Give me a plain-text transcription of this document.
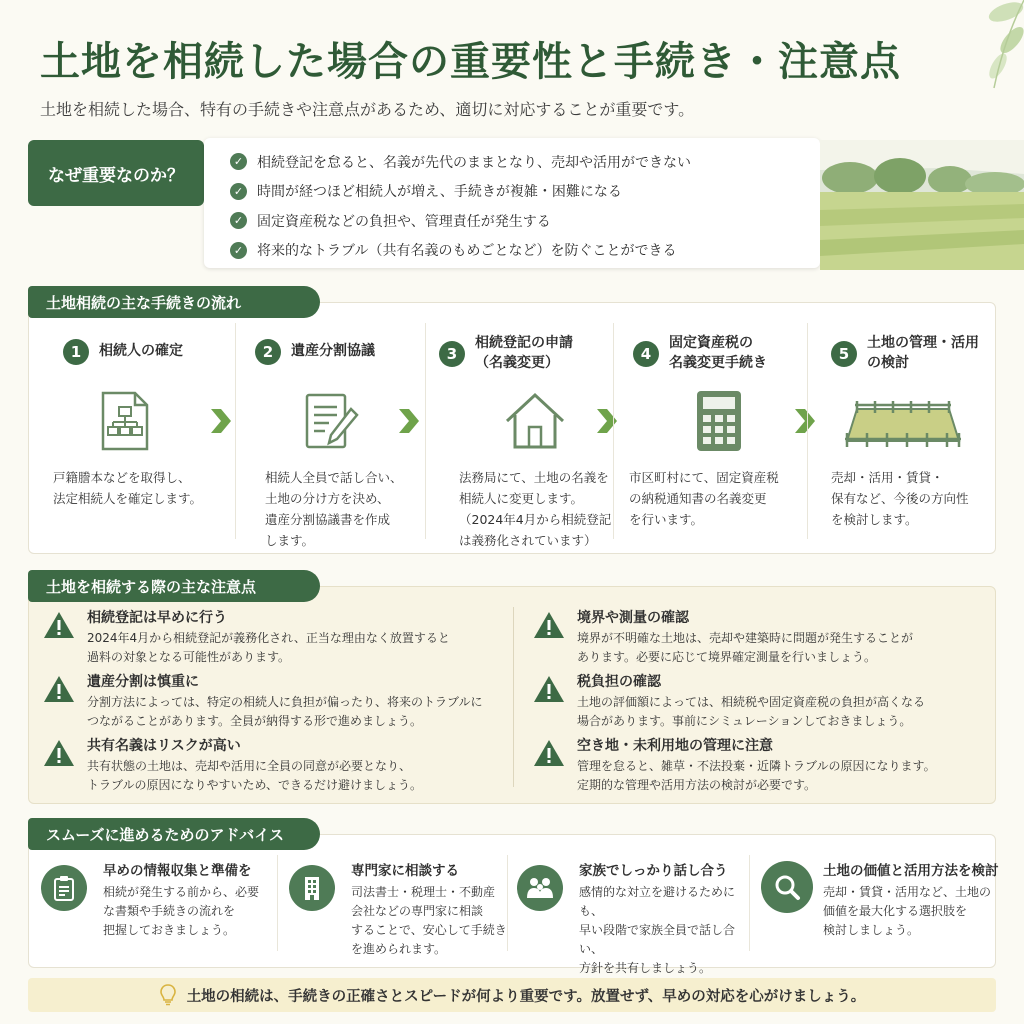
土地を相続した場合の重要性と手続き・注意点

土地を相続した場合、特有の手続きや注意点があるため、適切に対応することが重要です。

なぜ重要なのか？
✓ 相続登記を怠ると、名義が先代のままとなり、売却や活用ができない
✓ 時間が経つほど相続人が増え、手続きが複雑・困難になる
✓ 固定資産税などの負担や、管理責任が発生する
✓ 将来的なトラブル（共有名義のもめごとなど）を防ぐことができる
土地相続の主な手続きの流れ
1	相続人の確定
戸籍謄本などを取得し、
法定相続人を確定します。
2	遺産分割協議
相続人全員で話し合い、
土地の分け方を決め、
遺産分割協議書を作成
します。
3
相続登記の申請
（名義変更）
法務局にて、土地の名義を
相続人に変更します。
（2024年4月から相続登記
は義務化されています）
4
固定資産税の
名義変更手続き
市区町村にて、固定資産税
の納税通知書の名義変更
を行います。
5
土地の管理・活用
の検討
売却・活用・賃貸・
保有など、今後の方向性
を検討します。
土地を相続する際の主な注意点
相続登記は早めに行う
2024年4月から相続登記が義務化され、正当な理由なく放置すると
過料の対象となる可能性があります。
遺産分割は慎重に
分割方法によっては、特定の相続人に負担が偏ったり、将来のトラブルに
つながることがあります。全員が納得する形で進めましょう。
共有名義はリスクが高い
共有状態の土地は、売却や活用に全員の同意が必要となり、
トラブルの原因になりやすいため、できるだけ避けましょう。
境界や測量の確認
境界が不明確な土地は、売却や建築時に問題が発生することが
あります。必要に応じて境界確定測量を行いましょう。
税負担の確認
土地の評価額によっては、相続税や固定資産税の負担が高くなる
場合があります。事前にシミュレーションしておきましょう。
空き地・未利用地の管理に注意
管理を怠ると、雑草・不法投棄・近隣トラブルの原因になります。
定期的な管理や活用方法の検討が必要です。
スムーズに進めるためのアドバイス
早めの情報収集と準備を
相続が発生する前から、必要
な書類や手続きの流れを
把握しておきましょう。
専門家に相談する
司法書士・税理士・不動産
会社などの専門家に相談
することで、安心して手続き
を進められます。
家族でしっかり話し合う
感情的な対立を避けるためにも、
早い段階で家族全員で話し合い、
方針を共有しましょう。
土地の価値と活用方法を検討
売却・賃貸・活用など、土地の
価値を最大化する選択肢を
検討しましょう。
土地の相続は、手続きの正確さとスピードが何より重要です。放置せず、早めの対応を心がけましょう。
